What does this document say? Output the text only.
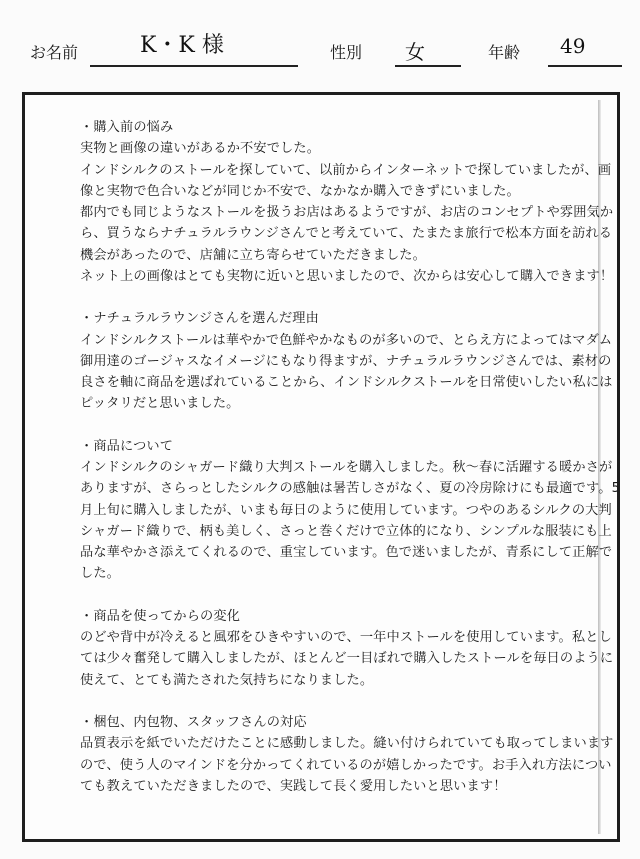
お名前	K・K 様	性別 女	年齢 49
・購入前の悩み
実物と画像の違いがあるか不安でした。
インドシルクのストールを探していて、以前からインターネットで探していましたが、画
像と実物で色合いなどが同じか不安で、なかなか購入できずにいました。
都内でも同じようなストールを扱うお店はあるようですが、お店のコンセプトや雰囲気か
ら、買うならナチュラルラウンジさんでと考えていて、たまたま旅行で松本方面を訪れる
機会があったので、店舗に立ち寄らせていただきました。
ネット上の画像はとても実物に近いと思いましたので、次からは安心して購入できます！
・ナチュラルラウンジさんを選んだ理由
インドシルクストールは華やかで色鮮やかなものが多いので、とらえ方によってはマダム
御用達のゴージャスなイメージにもなり得ますが、ナチュラルラウンジさんでは、素材の
良さを軸に商品を選ばれていることから、インドシルクストールを日常使いしたい私には
ピッタリだと思いました。
・商品について
インドシルクのシャガード織り大判ストールを購入しました。秋〜春に活躍する暖かさが
ありますが、さらっとしたシルクの感触は暑苦しさがなく、夏の冷房除けにも最適です。5
月上旬に購入しましたが、いまも毎日のように使用しています。つやのあるシルクの大判
シャガード織りで、柄も美しく、さっと巻くだけで立体的になり、シンプルな服装にも上
品な華やかさ添えてくれるので、重宝しています。色で迷いましたが、青系にして正解で
した。
・商品を使ってからの変化
のどや背中が冷えると風邪をひきやすいので、一年中ストールを使用しています。私とし
ては少々奮発して購入しましたが、ほとんど一目ぼれで購入したストールを毎日のように
使えて、とても満たされた気持ちになりました。
・梱包、内包物、スタッフさんの対応
品質表示を紙でいただけたことに感動しました。縫い付けられていても取ってしまいます
ので、使う人のマインドを分かってくれているのが嬉しかったです。お手入れ方法につい
ても教えていただきましたので、実践して長く愛用したいと思います！
